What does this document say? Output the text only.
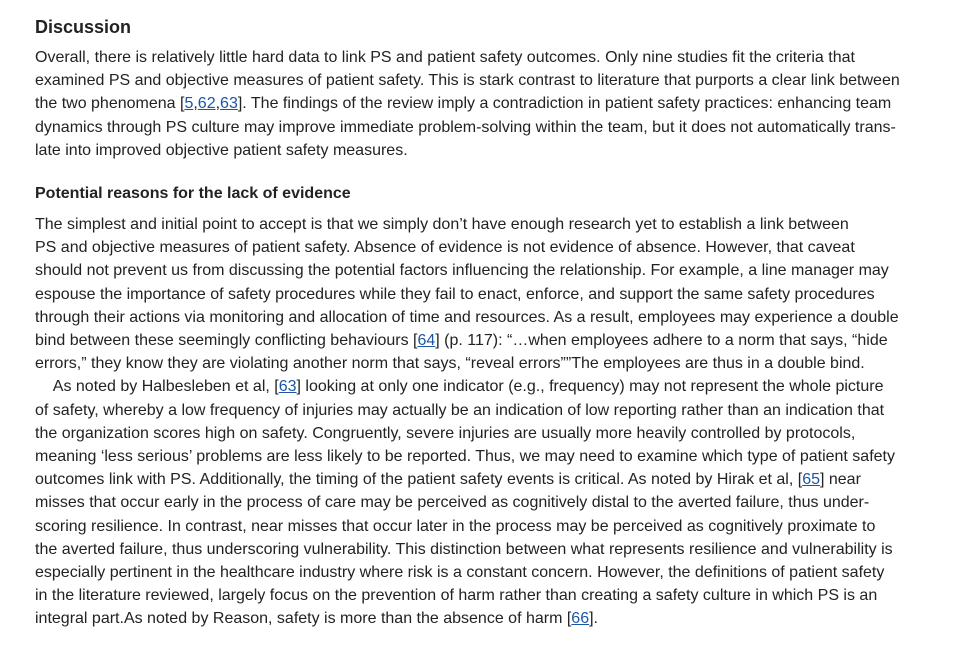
Discussion
Overall, there is relatively little hard data to link PS and patient safety outcomes. Only nine studies fit the criteria that
examined PS and objective measures of patient safety. This is stark contrast to literature that purports a clear link between
the two phenomena [5,62,63]. The findings of the review imply a contradiction in patient safety practices: enhancing team
dynamics through PS culture may improve immediate problem-solving within the team, but it does not automatically trans-
late into improved objective patient safety measures.
Potential reasons for the lack of evidence
The simplest and initial point to accept is that we simply don’t have enough research yet to establish a link between
PS and objective measures of patient safety. Absence of evidence is not evidence of absence. However, that caveat
should not prevent us from discussing the potential factors influencing the relationship. For example, a line manager may
espouse the importance of safety procedures while they fail to enact, enforce, and support the same safety procedures
through their actions via monitoring and allocation of time and resources. As a result, employees may experience a double
bind between these seemingly conflicting behaviours [64] (p. 117): “…when employees adhere to a norm that says, “hide
errors,” they know they are violating another norm that says, “reveal errors””The employees are thus in a double bind.
As noted by Halbesleben et al, [63] looking at only one indicator (e.g., frequency) may not represent the whole picture
of safety, whereby a low frequency of injuries may actually be an indication of low reporting rather than an indication that
the organization scores high on safety. Congruently, severe injuries are usually more heavily controlled by protocols,
meaning ‘less serious’ problems are less likely to be reported. Thus, we may need to examine which type of patient safety
outcomes link with PS. Additionally, the timing of the patient safety events is critical. As noted by Hirak et al, [65] near
misses that occur early in the process of care may be perceived as cognitively distal to the averted failure, thus under-
scoring resilience. In contrast, near misses that occur later in the process may be perceived as cognitively proximate to
the averted failure, thus underscoring vulnerability. This distinction between what represents resilience and vulnerability is
especially pertinent in the healthcare industry where risk is a constant concern. However, the definitions of patient safety
in the literature reviewed, largely focus on the prevention of harm rather than creating a safety culture in which PS is an
integral part.As noted by Reason, safety is more than the absence of harm [66].
